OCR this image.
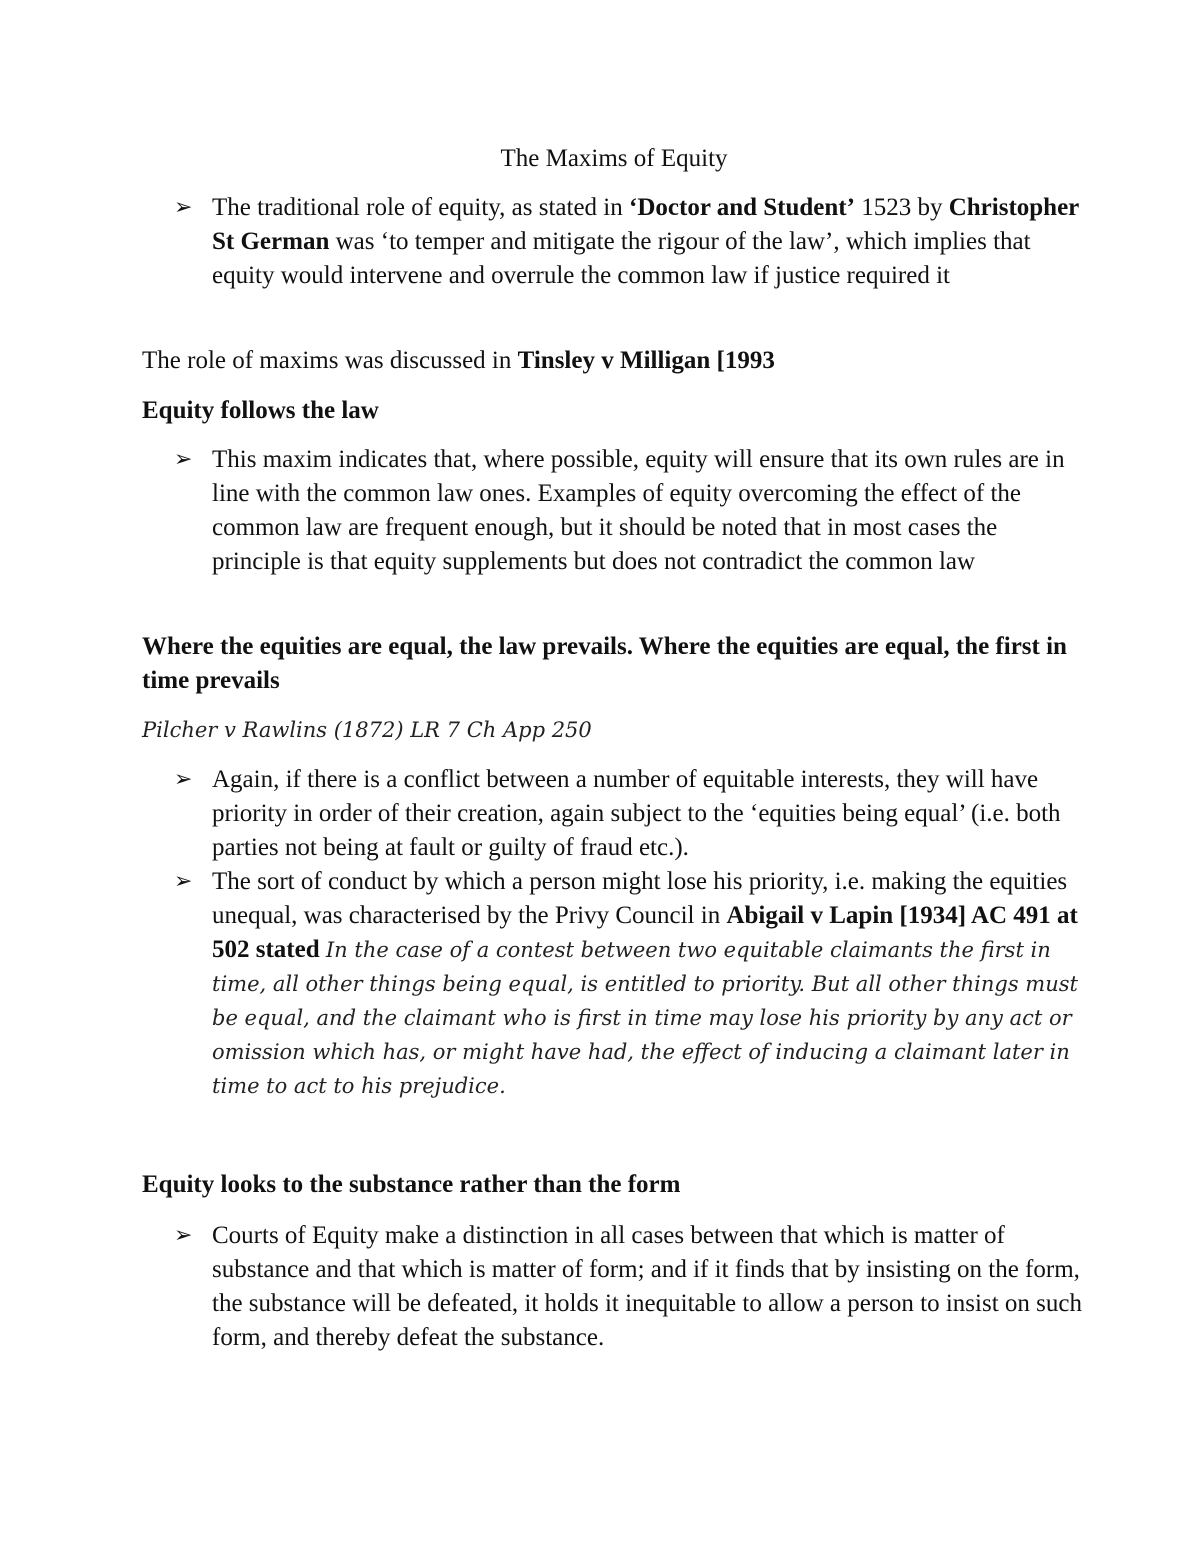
The Maxims of Equity
➢ The traditional role of equity, as stated in ‘Doctor and Student’ 1523 by Christopher St German was ‘to temper and mitigate the rigour of the law’, which implies that equity would intervene and overrule the common law if justice required it
The role of maxims was discussed in Tinsley v Milligan [1993
Equity follows the law
➢ This maxim indicates that, where possible, equity will ensure that its own rules are in line with the common law ones. Examples of equity overcoming the effect of the common law are frequent enough, but it should be noted that in most cases the principle is that equity supplements but does not contradict the common law
Where the equities are equal, the law prevails. Where the equities are equal, the first in time prevails
Pilcher v Rawlins (1872) LR 7 Ch App 250
➢ Again, if there is a conflict between a number of equitable interests, they will have priority in order of their creation, again subject to the ‘equities being equal’ (i.e. both parties not being at fault or guilty of fraud etc.).
➢ The sort of conduct by which a person might lose his priority, i.e. making the equities unequal, was characterised by the Privy Council in Abigail v Lapin [1934] AC 491 at 502 stated In the case of a contest between two equitable claimants the first in time, all other things being equal, is entitled to priority. But all other things must be equal, and the claimant who is first in time may lose his priority by any act or omission which has, or might have had, the effect of inducing a claimant later in time to act to his prejudice.
Equity looks to the substance rather than the form
➢ Courts of Equity make a distinction in all cases between that which is matter of substance and that which is matter of form; and if it finds that by insisting on the form, the substance will be defeated, it holds it inequitable to allow a person to insist on such form, and thereby defeat the substance.
